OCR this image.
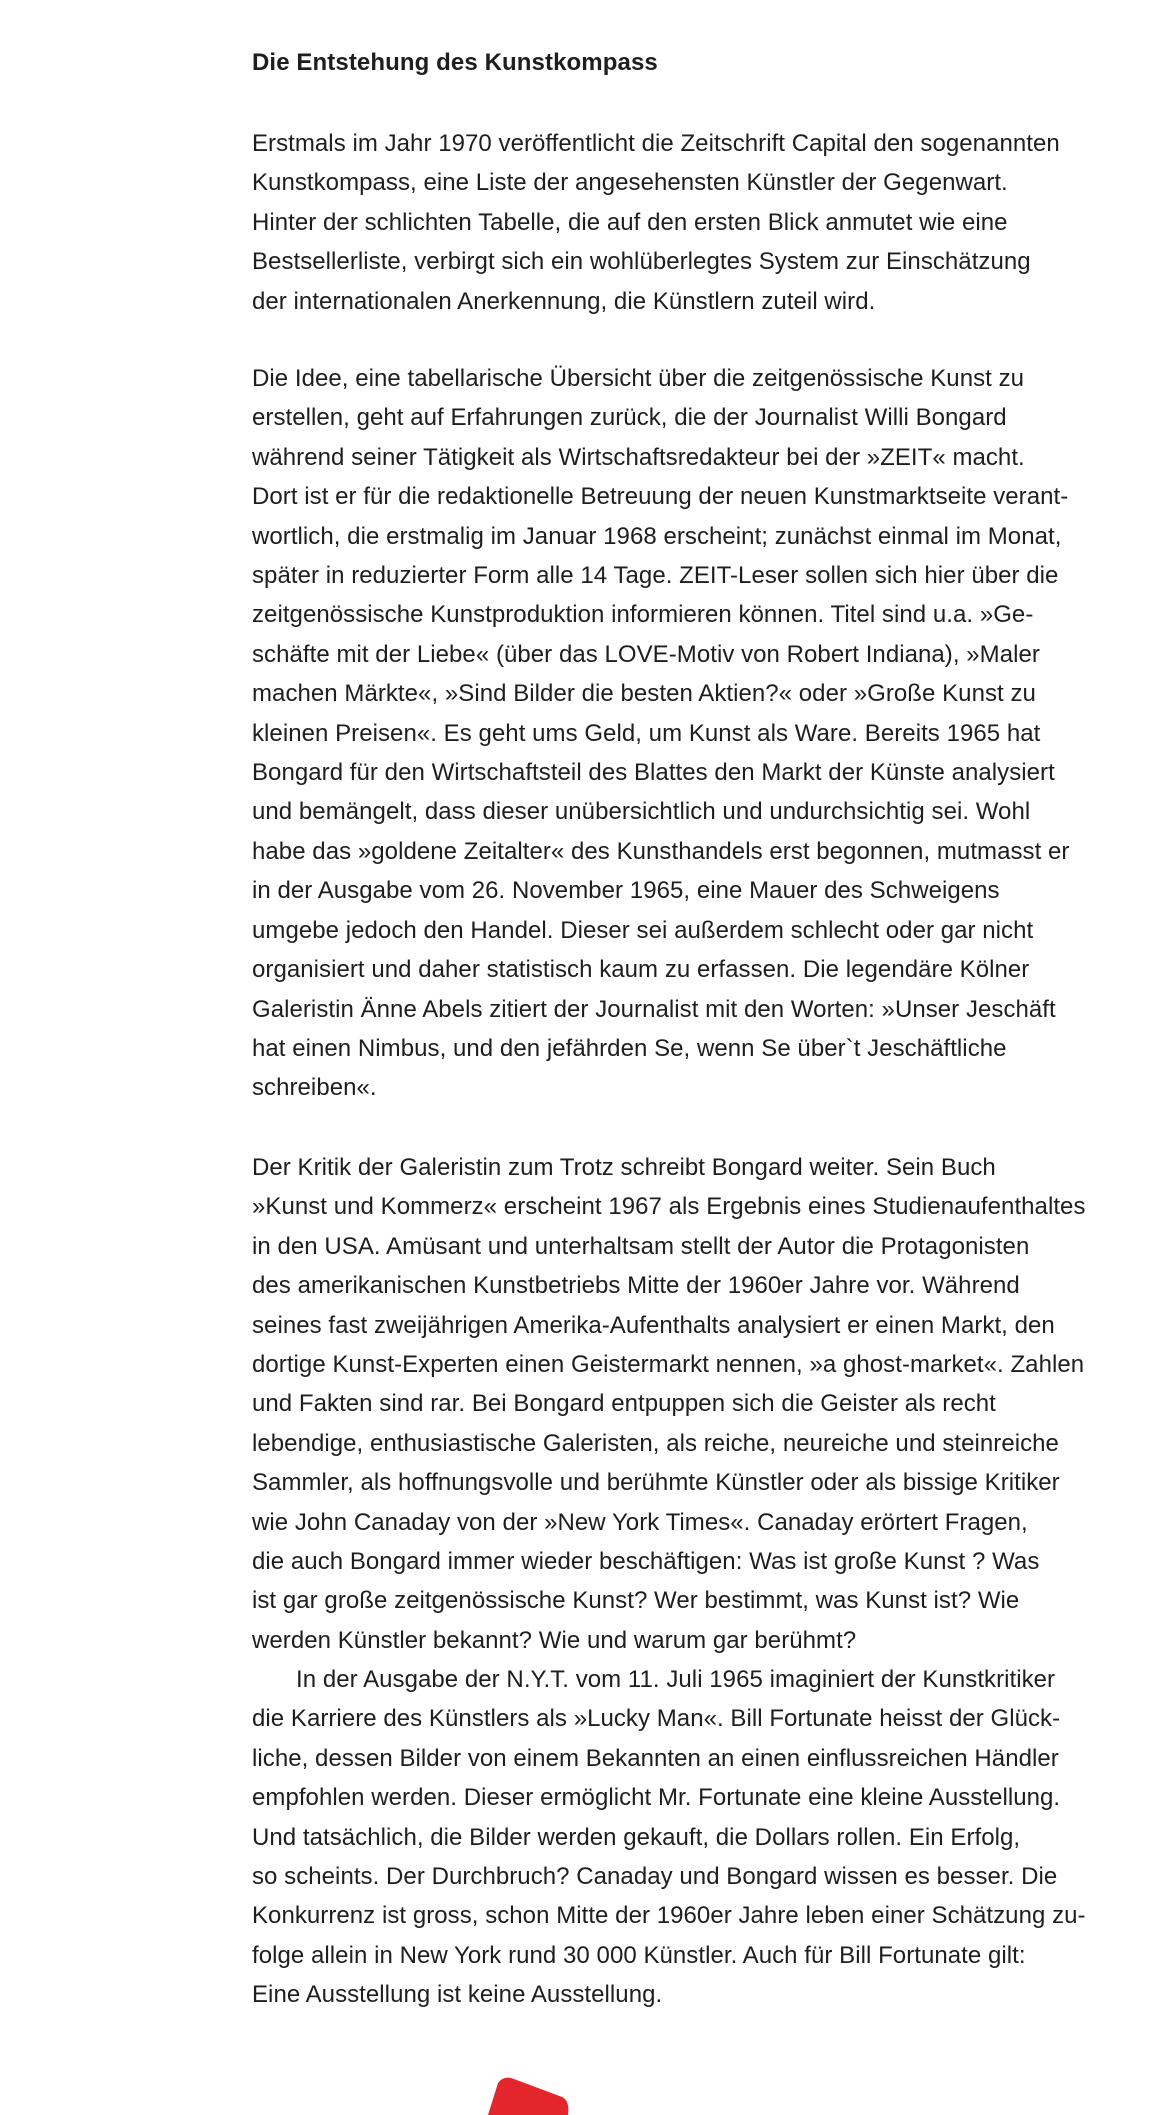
Die Entstehung des Kunstkompass

Erstmals im Jahr 1970 veröffentlicht die Zeitschrift Capital den sogenannten
Kunstkompass, eine Liste der angesehensten Künstler der Gegenwart.
Hinter der schlichten Tabelle, die auf den ersten Blick anmutet wie eine
Bestsellerliste, verbirgt sich ein wohlüberlegtes System zur Einschätzung
der internationalen Anerkennung, die Künstlern zuteil wird.

Die Idee, eine tabellarische Übersicht über die zeitgenössische Kunst zu
erstellen, geht auf Erfahrungen zurück, die der Journalist Willi Bongard
während seiner Tätigkeit als Wirtschaftsredakteur bei der »ZEIT« macht.
Dort ist er für die redaktionelle Betreuung der neuen Kunstmarktseite verant-
wortlich, die erstmalig im Januar 1968 erscheint; zunächst einmal im Monat,
später in reduzierter Form alle 14 Tage. ZEIT-Leser sollen sich hier über die
zeitgenössische Kunstproduktion informieren können. Titel sind u.a. »Ge-
schäfte mit der Liebe« (über das LOVE-Motiv von Robert Indiana), »Maler
machen Märkte«, »Sind Bilder die besten Aktien?« oder »Große Kunst zu
kleinen Preisen«. Es geht ums Geld, um Kunst als Ware. Bereits 1965 hat
Bongard für den Wirtschaftsteil des Blattes den Markt der Künste analysiert
und bemängelt, dass dieser unübersichtlich und undurchsichtig sei. Wohl
habe das »goldene Zeitalter« des Kunsthandels erst begonnen, mutmasst er
in der Ausgabe vom 26. November 1965, eine Mauer des Schweigens
umgebe jedoch den Handel. Dieser sei außerdem schlecht oder gar nicht
organisiert und daher statistisch kaum zu erfassen. Die legendäre Kölner
Galeristin Änne Abels zitiert der Journalist mit den Worten: »Unser Jeschäft
hat einen Nimbus, und den jefährden Se, wenn Se über`t Jeschäftliche
schreiben«.

Der Kritik der Galeristin zum Trotz schreibt Bongard weiter. Sein Buch
»Kunst und Kommerz« erscheint 1967 als Ergebnis eines Studienaufenthaltes
in den USA. Amüsant und unterhaltsam stellt der Autor die Protagonisten
des amerikanischen Kunstbetriebs Mitte der 1960er Jahre vor. Während
seines fast zweijährigen Amerika-Aufenthalts analysiert er einen Markt, den
dortige Kunst-Experten einen Geistermarkt nennen, »a ghost-market«. Zahlen
und Fakten sind rar. Bei Bongard entpuppen sich die Geister als recht
lebendige, enthusiastische Galeristen, als reiche, neureiche und steinreiche
Sammler, als hoffnungsvolle und berühmte Künstler oder als bissige Kritiker
wie John Canaday von der »New York Times«. Canaday erörtert Fragen,
die auch Bongard immer wieder beschäftigen: Was ist große Kunst ? Was
ist gar große zeitgenössische Kunst? Wer bestimmt, was Kunst ist? Wie
werden Künstler bekannt? Wie und warum gar berühmt?

In der Ausgabe der N.Y.T. vom 11. Juli 1965 imaginiert der Kunstkritiker
die Karriere des Künstlers als »Lucky Man«. Bill Fortunate heisst der Glück-
liche, dessen Bilder von einem Bekannten an einen einflussreichen Händler
empfohlen werden. Dieser ermöglicht Mr. Fortunate eine kleine Ausstellung.
Und tatsächlich, die Bilder werden gekauft, die Dollars rollen. Ein Erfolg,
so scheints. Der Durchbruch? Canaday und Bongard wissen es besser. Die
Konkurrenz ist gross, schon Mitte der 1960er Jahre leben einer Schätzung zu-
folge allein in New York rund 30 000 Künstler. Auch für Bill Fortunate gilt:
Eine Ausstellung ist keine Ausstellung.
